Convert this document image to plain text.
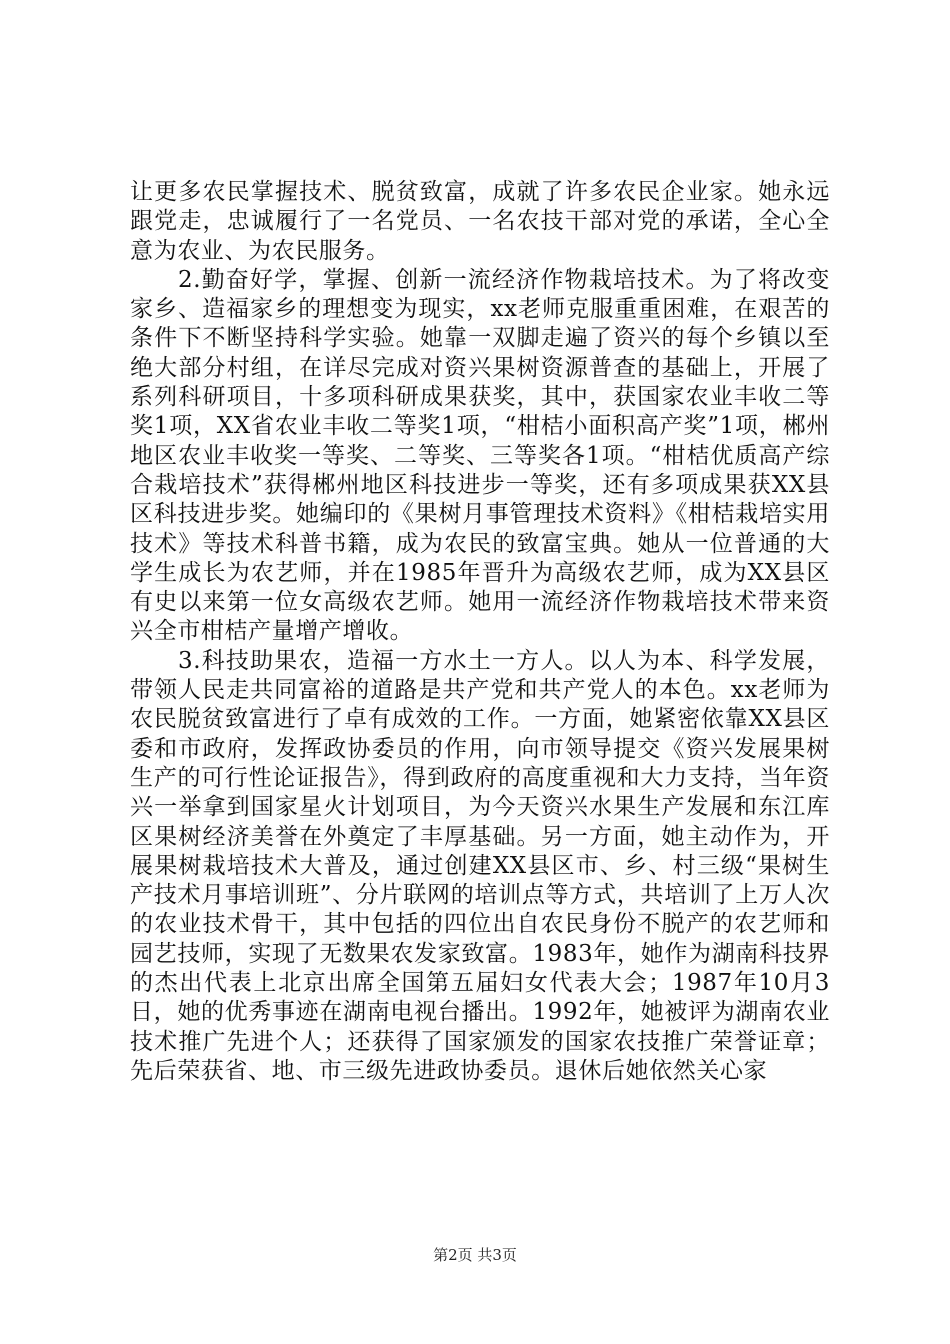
让更多农民掌握技术、脱贫致富，成就了许多农民企业家。她永远跟党走，忠诚履行了一名党员、一名农技干部对党的承诺，全心全意为农业、为农民服务。

2.勤奋好学，掌握、创新一流经济作物栽培技术。为了将改变家乡、造福家乡的理想变为现实，xx老师克服重重困难，在艰苦的条件下不断坚持科学实验。她靠一双脚走遍了资兴的每个乡镇以至绝大部分村组，在详尽完成对资兴果树资源普查的基础上，开展了系列科研项目，十多项科研成果获奖，其中，获国家农业丰收二等奖1项，XX省农业丰收二等奖1项，“柑桔小面积高产奖”1项，郴州地区农业丰收奖一等奖、二等奖、三等奖各1项。“柑桔优质高产综合栽培技术”获得郴州地区科技进步一等奖，还有多项成果获XX县区科技进步奖。她编印的《果树月事管理技术资料》《柑桔栽培实用技术》等技术科普书籍，成为农民的致富宝典。她从一位普通的大学生成长为农艺师，并在1985年晋升为高级农艺师，成为XX县区有史以来第一位女高级农艺师。她用一流经济作物栽培技术带来资兴全市柑桔产量增产增收。

3.科技助果农，造福一方水土一方人。以人为本、科学发展，带领人民走共同富裕的道路是共产党和共产党人的本色。xx老师为农民脱贫致富进行了卓有成效的工作。一方面，她紧密依靠XX县区委和市政府，发挥政协委员的作用，向市领导提交《资兴发展果树生产的可行性论证报告》，得到政府的高度重视和大力支持，当年资兴一举拿到国家星火计划项目，为今天资兴水果生产发展和东江库区果树经济美誉在外奠定了丰厚基础。另一方面，她主动作为，开展果树栽培技术大普及，通过创建XX县区市、乡、村三级“果树生产技术月事培训班”、分片联网的培训点等方式，共培训了上万人次的农业技术骨干，其中包括的四位出自农民身份不脱产的农艺师和园艺技师，实现了无数果农发家致富。1983年，她作为湖南科技界的杰出代表上北京出席全国第五届妇女代表大会；1987年10月3日，她的优秀事迹在湖南电视台播出。1992年，她被评为湖南农业技术推广先进个人；还获得了国家颁发的国家农技推广荣誉证章；先后荣获省、地、市三级先进政协委员。退休后她依然关心家

第2页 共3页
